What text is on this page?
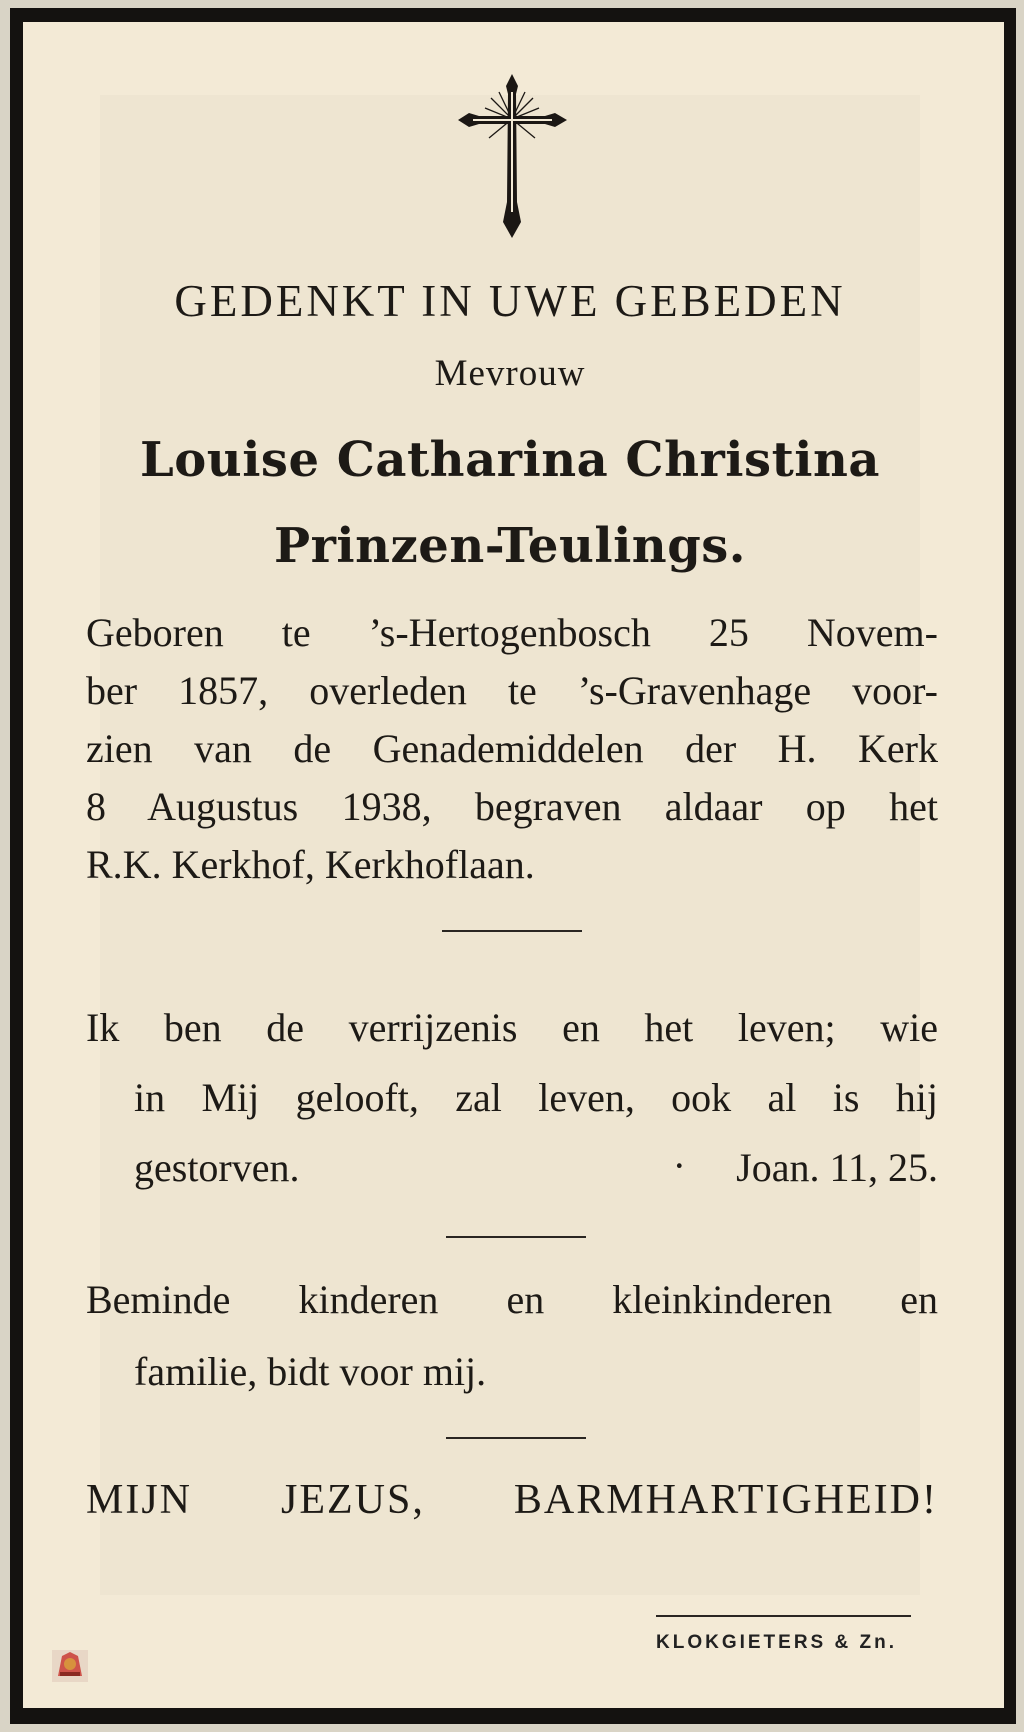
GEDENKT IN UWE GEBEDEN
Mevrouw
Louise Catharina Christina
Prinzen-Teulings.

Geboren te ’s-Hertogenbosch 25 Novem-
ber 1857, overleden te ’s-Gravenhage voor-
zien van de Genademiddelen der H. Kerk
8 Augustus 1938, begraven aldaar op het
R.K. Kerkhof, Kerkhoflaan.

Ik ben de verrijzenis en het leven; wie
in Mij gelooft, zal leven, ook al is hij
gestorven.	· Joan. 11, 25.
Beminde kinderen en kleinkinderen en
familie, bidt voor mij.
MIJN JEZUS, BARMHARTIGHEID!
KLOKGIETERS & Zn.
